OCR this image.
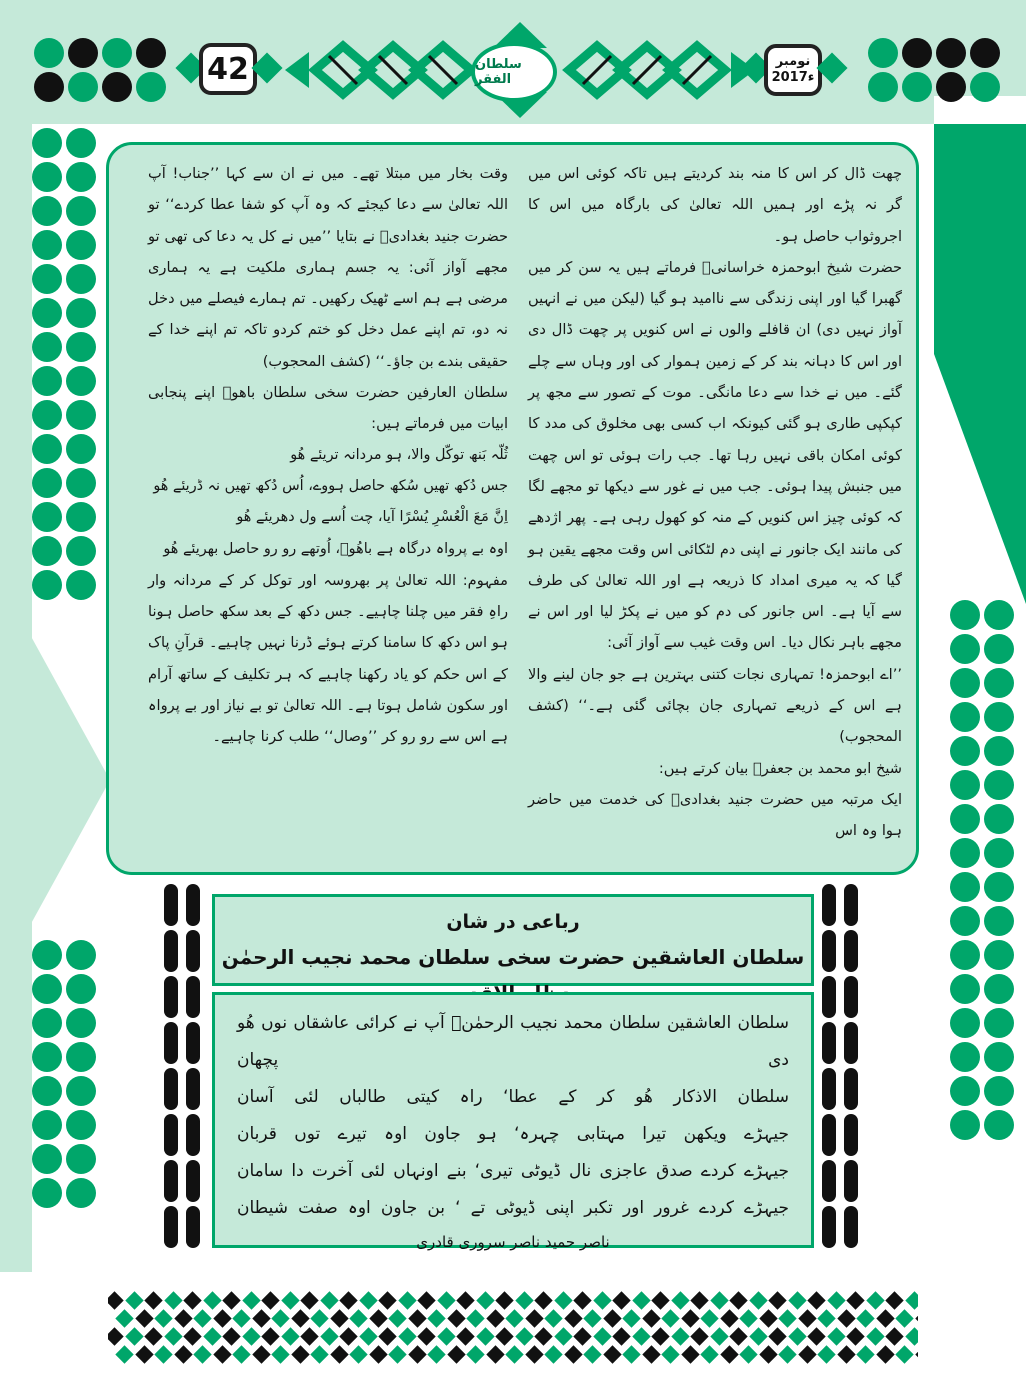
سلطان الفقر
42	نومبر
2017ء

چھت ڈال کر اس کا منہ بند کردیتے ہیں تاکہ کوئی اس میں گر نہ پڑے اور ہمیں اللہ تعالیٰ کی بارگاہ میں اس کا اجروثواب حاصل ہو۔

حضرت شیخ ابوحمزہ خراسانیؒ فرماتے ہیں یہ سن کر میں گھبرا گیا اور اپنی زندگی سے ناامید ہو گیا (لیکن میں نے انہیں آواز نہیں دی) ان قافلے والوں نے اس کنویں پر چھت ڈال دی اور اس کا دہانہ بند کر کے زمین ہموار کی اور وہاں سے چلے گئے۔ میں نے خدا سے دعا مانگی۔ موت کے تصور سے مجھ پر کپکپی طاری ہو گئی کیونکہ اب کسی بھی مخلوق کی مدد کا کوئی امکان باقی نہیں رہا تھا۔ جب رات ہوئی تو اس چھت میں جنبش پیدا ہوئی۔ جب میں نے غور سے دیکھا تو مجھے لگا کہ کوئی چیز اس کنویں کے منہ کو کھول رہی ہے۔ پھر اژدھے کی مانند ایک جانور نے اپنی دم لٹکائی اس وقت مجھے یقین ہو گیا کہ یہ میری امداد کا ذریعہ ہے اور اللہ تعالیٰ کی طرف سے آیا ہے۔ اس جانور کی دم کو میں نے پکڑ لیا اور اس نے مجھے باہر نکال دیا۔ اس وقت غیب سے آواز آئی:

’’اے ابوحمزہ! تمہاری نجات کتنی بہترین ہے جو جان لینے والا ہے اس کے ذریعے تمہاری جان بچائی گئی ہے۔‘‘ (کشف المحجوب)

شیخ ابو محمد بن جعفرؒ بیان کرتے ہیں:

ایک مرتبہ میں حضرت جنید بغدادیؒ کی خدمت میں حاضر ہوا وہ اس

وقت بخار میں مبتلا تھے۔ میں نے ان سے کہا ’’جناب! آپ اللہ تعالیٰ سے دعا کیجئے کہ وہ آپ کو شفا عطا کردے‘‘ تو حضرت جنید بغدادیؒ نے بتایا ’’میں نے کل یہ دعا کی تھی تو مجھے آواز آئی: یہ جسم ہماری ملکیت ہے یہ ہماری مرضی ہے ہم اسے ٹھیک رکھیں۔ تم ہمارے فیصلے میں دخل نہ دو، تم اپنے عمل دخل کو ختم کردو تاکہ تم اپنے خدا کے حقیقی بندے بن جاؤ۔‘‘ (کشف المحجوب)

سلطان العارفین حضرت سخی سلطان باھوؒ اپنے پنجابی ابیات میں فرماتے ہیں:

ثُلّہ بَنھ توکّل والا، ہو مردانہ تریئے ھُو

جس دُکھ تھیں سُکھ حاصل ہووے، اُس دُکھ تھیں نہ ڈریئے ھُو

اِنَّ مَعَ الْعُسْرِ یُسْرًا آیا، چت اُسے ول دھریئے ھُو

اوہ بے پرواہ درگاہ ہے باھُوؒ، اُوتھے رو رو حاصل بھریئے ھُو

مفہوم: اللہ تعالیٰ پر بھروسہ اور توکل کر کے مردانہ وار راہِ فقر میں چلنا چاہیے۔ جس دکھ کے بعد سکھ حاصل ہونا ہو اس دکھ کا سامنا کرتے ہوئے ڈرنا نہیں چاہیے۔ قرآنِ پاک کے اس حکم کو یاد رکھنا چاہیے کہ ہر تکلیف کے ساتھ آرام اور سکون شامل ہوتا ہے۔ اللہ تعالیٰ تو بے نیاز اور بے پرواہ ہے اس سے رو رو کر ’’وصال‘‘ طلب کرنا چاہیے۔

رباعی در شان
سلطان العاشقین حضرت سخی سلطان محمد نجیب الرحمٰن
سلطان العاشقین سلطان محمد نجیب الرحمٰنؒ آپ نے کرائی عاشقاں نوں ھُو دی پچھان
سلطان الاذکار ھُو کر کے عطا‘ راہ کیتی طالباں لئی آسان
جیہڑے ویکھن تیرا مہتابی چہرہ‘ ہو جاون اوہ تیرے توں قربان
جیہڑے کردے صدق عاجزی نال ڈیوٹی تیری‘ بنے اونہاں لئی آخرت دا سامان
جیہڑے کردے غرور اور تکبر اپنی ڈیوٹی تے ‘ بن جاون اوہ صفت شیطان
ناصر حمید ناصر سروری قادری
